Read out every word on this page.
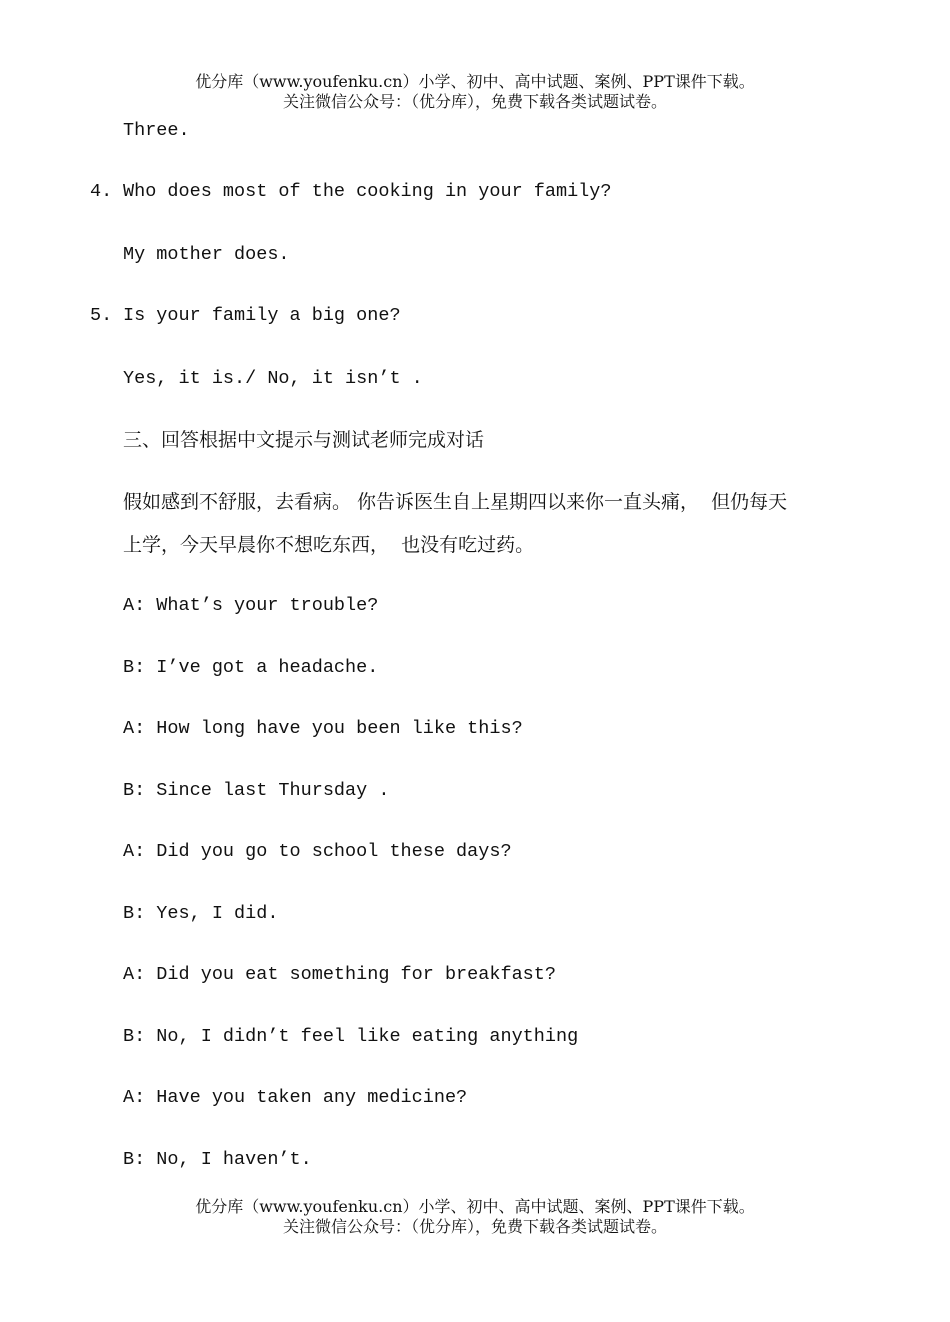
优分库（www.youfenku.cn）小学、初中、高中试题、案例、PPT课件下载。
关注微信公众号：（优分库），免费下载各类试题试卷。
Three.
4. Who does most of the cooking in your family?
My mother does.
5. Is your family a big one?
Yes, it is./ No, it isn’t .
三、回答根据中文提示与测试老师完成对话
假如感到不舒服，去看病。 你告诉医生自上星期四以来你一直头痛，  但仍每天
上学，今天早晨你不想吃东西，  也没有吃过药。
A: What’s your trouble?
B: I’ve got a headache.
A: How long have you been like this?
B: Since last Thursday .
A: Did you go to school these days?
B: Yes, I did.
A: Did you eat something for breakfast?
B: No, I didn’t feel like eating anything
A: Have you taken any medicine?
B: No, I haven’t.
优分库（www.youfenku.cn）小学、初中、高中试题、案例、PPT课件下载。
关注微信公众号：（优分库），免费下载各类试题试卷。
